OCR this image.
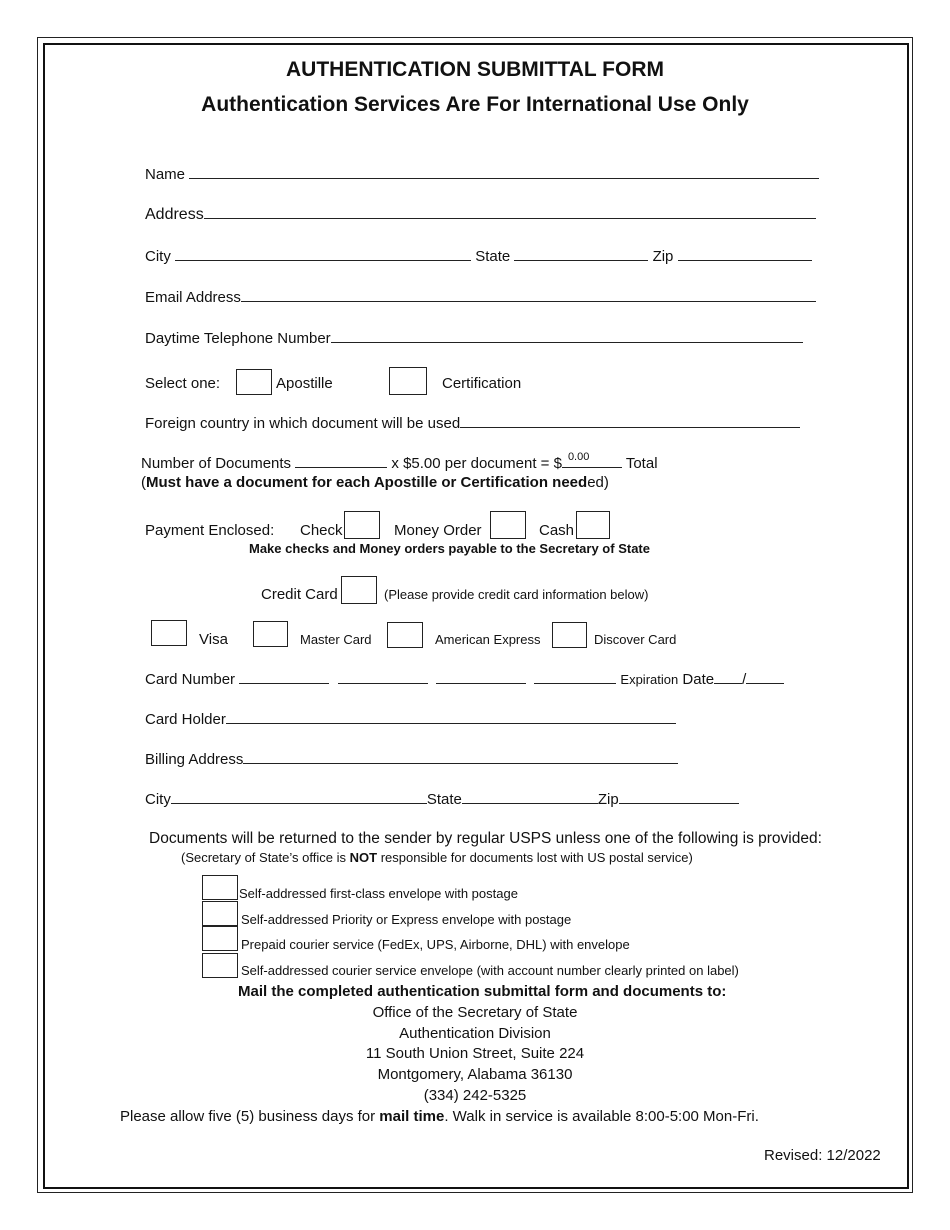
AUTHENTICATION SUBMITTAL FORM
Authentication Services Are For International Use Only
Name
Address
City	State	Zip
Email Address
Daytime Telephone Number
Select one:	Apostille	Certification
Foreign country in which document will be used
Number of Documents	x $5.00 per document = $ 0.00 Total
(Must have a document for each Apostille or Certification needed)
Payment Enclosed: Check	Money Order	Cash
Make checks and Money orders payable to the Secretary of State
Credit Card	(Please provide credit card information below)
Visa	Master Card	American Express	Discover Card
Card Number	Expiration Date /
Card Holder
Billing Address
City	State	Zip
Documents will be returned to the sender by regular USPS unless one of the following is provided:
(Secretary of State’s office is NOT responsible for documents lost with US postal service)
Self-addressed first-class envelope with postage
Self-addressed Priority or Express envelope with postage
Prepaid courier service (FedEx, UPS, Airborne, DHL) with envelope
Self-addressed courier service envelope (with account number clearly printed on label)
Mail the completed authentication submittal form and documents to:
Office of the Secretary of State
Authentication Division
11 South Union Street, Suite 224
Montgomery, Alabama 36130
(334) 242-5325
Please allow five (5) business days for mail time. Walk in service is available 8:00-5:00 Mon-Fri.
Revised: 12/2022
